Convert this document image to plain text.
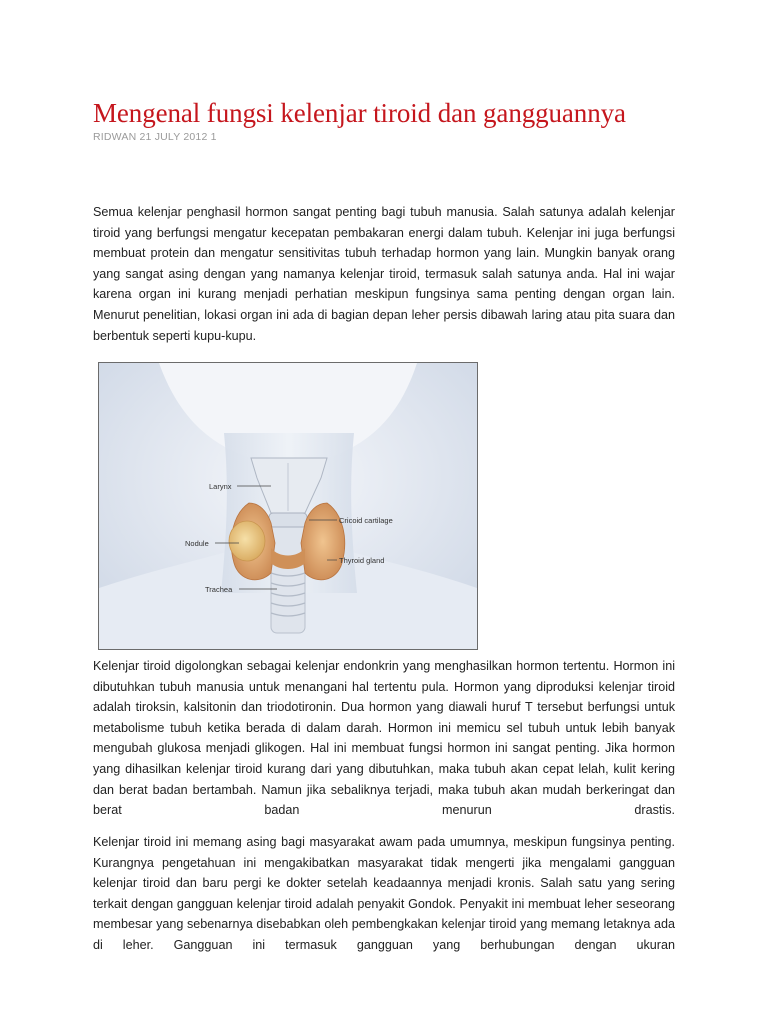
Mengenal fungsi kelenjar tiroid dan gangguannya
RIDWAN 21 JULY 2012 1

Semua kelenjar penghasil hormon sangat penting bagi tubuh manusia. Salah satunya adalah kelenjar tiroid yang berfungsi mengatur kecepatan pembakaran energi dalam tubuh. Kelenjar ini juga berfungsi membuat protein dan mengatur sensitivitas tubuh terhadap hormon yang lain. Mungkin banyak orang yang sangat asing dengan yang namanya kelenjar tiroid, termasuk salah satunya anda. Hal ini wajar karena organ ini kurang menjadi perhatian meskipun fungsinya sama penting dengan organ lain. Menurut penelitian, lokasi organ ini ada di bagian depan leher persis dibawah laring atau pita suara dan berbentuk seperti kupu-kupu.

Larynx
Cricoid cartilage
Nodule
Thyroid gland
Trachea

Kelenjar tiroid digolongkan sebagai kelenjar endonkrin yang menghasilkan hormon tertentu. Hormon ini dibutuhkan tubuh manusia untuk menangani hal tertentu pula. Hormon yang diproduksi kelenjar tiroid adalah tiroksin, kalsitonin dan triodotironin. Dua hormon yang diawali huruf T tersebut berfungsi untuk metabolisme tubuh ketika berada di dalam darah. Hormon ini memicu sel tubuh untuk lebih banyak mengubah glukosa menjadi glikogen. Hal ini membuat fungsi hormon ini sangat penting. Jika hormon yang dihasilkan kelenjar tiroid kurang dari yang dibutuhkan, maka tubuh akan cepat lelah, kulit kering dan berat badan bertambah. Namun jika sebaliknya terjadi, maka tubuh akan mudah berkeringat dan berat badan menurun drastis.

Kelenjar tiroid ini memang asing bagi masyarakat awam pada umumnya, meskipun fungsinya penting. Kurangnya pengetahuan ini mengakibatkan masyarakat tidak mengerti jika mengalami gangguan kelenjar tiroid dan baru pergi ke dokter setelah keadaannya menjadi kronis. Salah satu yang sering terkait dengan gangguan kelenjar tiroid adalah penyakit Gondok. Penyakit ini membuat leher seseorang membesar yang sebenarnya disebabkan oleh pembengkakan kelenjar tiroid yang memang letaknya ada di leher. Gangguan ini termasuk gangguan yang berhubungan dengan ukuran
